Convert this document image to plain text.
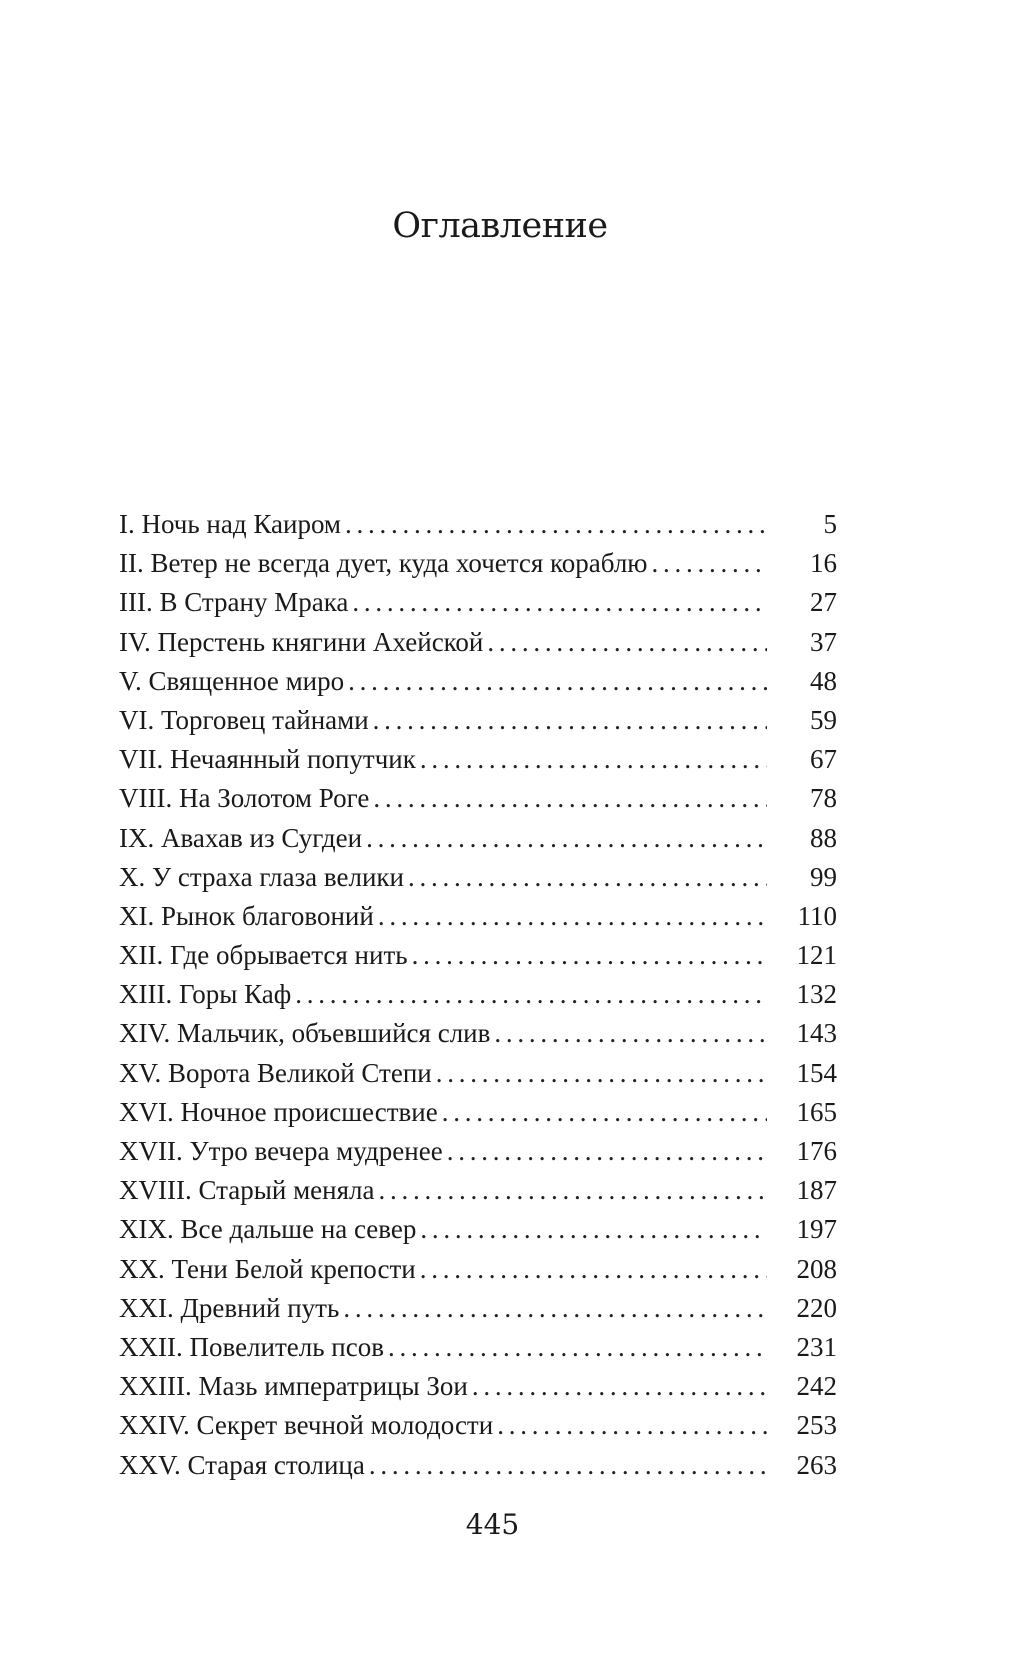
Оглавление
I. Ночь над Каиром . . .	5
II. Ветер не всегда дует, куда хочется кораблю . . .	16
III. В Страну Мрака . . .	27
IV. Перстень княгини Ахейской . . .	37
V. Священное миро . . .	48
VI. Торговец тайнами . . .	59
VII. Нечаянный попутчик . . .	67
VIII. На Золотом Роге . . .	78
IX. Авахав из Сугдеи . . .	88
X. У страха глаза велики . . .	99
XI. Рынок благовоний . . .	110
XII. Где обрывается нить . . .	121
XIII. Горы Каф . . .	132
XIV. Мальчик, объевшийся слив . . .	143
XV. Ворота Великой Степи . . .	154
XVI. Ночное происшествие . . .	165
XVII. Утро вечера мудренее . . .	176
XVIII. Старый меняла . . .	187
XIX. Все дальше на север . . .	197
XX. Тени Белой крепости . . .	208
XXI. Древний путь . . .	220
XXII. Повелитель псов . . .	231
XXIII. Мазь императрицы Зои . . .	242
XXIV. Секрет вечной молодости . . .	253
XXV. Старая столица . . .	263
445
